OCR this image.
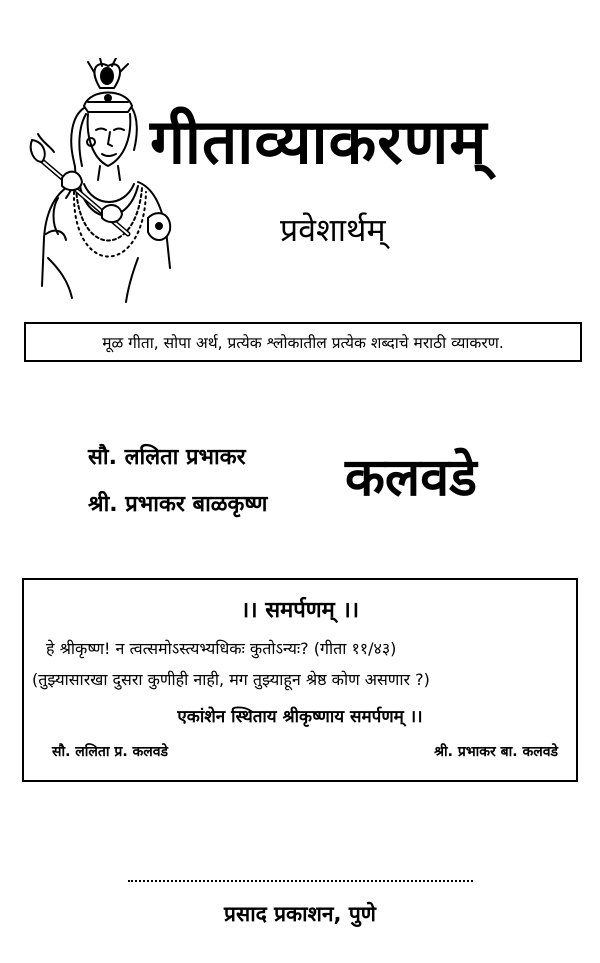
गीताव्याकरणम्
प्रवेशार्थम्
मूळ गीता, सोपा अर्थ, प्रत्येक श्लोकातील प्रत्येक शब्दाचे मराठी व्याकरण.
सौ. ललिता प्रभाकर
श्री. प्रभाकर बाळकृष्ण कलवडे
।। समर्पणम् ।।
हे श्रीकृष्ण! न त्वत्समोऽस्त्यभ्यधिकः कुतोऽन्यः? (गीता ११/४३)
(तुझ्यासारखा दुसरा कुणीही नाही, मग तुझ्याहून श्रेष्ठ कोण असणार ?)
एकांशेन स्थिताय श्रीकृष्णाय समर्पणम् ।।
सौ. ललिता प्र. कलवडे	श्री. प्रभाकर बा. कलवडे
प्रसाद प्रकाशन, पुणे
